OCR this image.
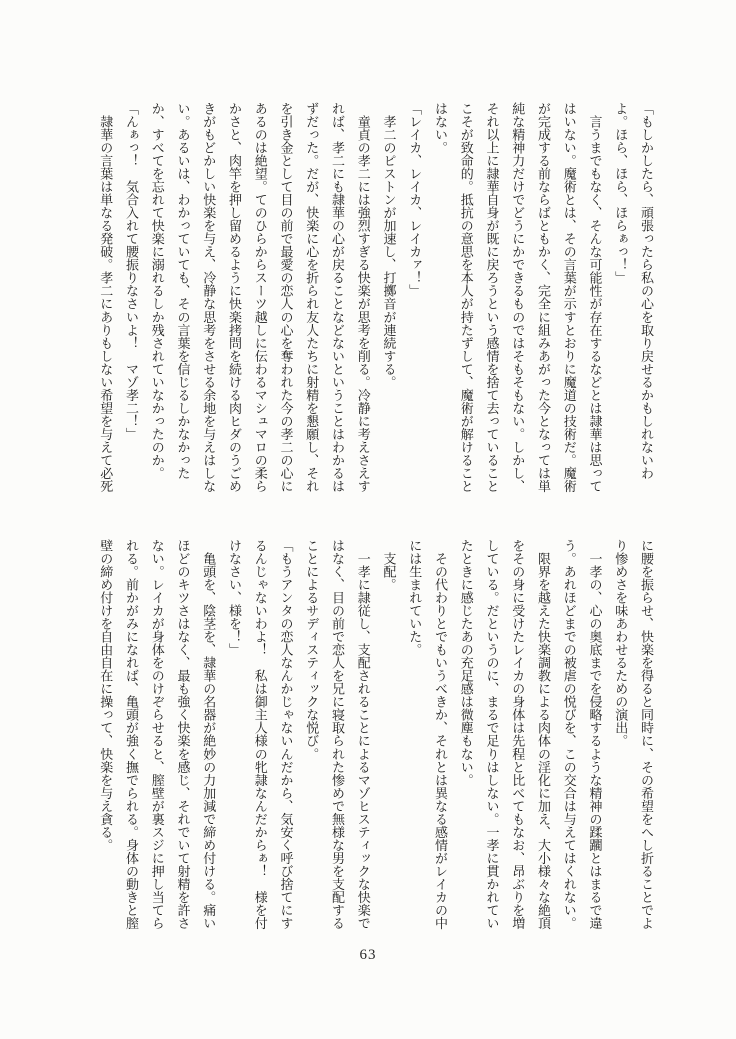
「もしかしたら、頑張ったら私の心を取り戻せるかもしれないわ

よ。ほら、ほら、ほらぁっ！」

　言うまでもなく、そんな可能性が存在するなどとは隷華は思って

はいない。魔術とは、その言葉が示すとおりに魔道の技術だ。魔術

が完成する前ならばともかく、完全に組みあがった今となっては単

純な精神力だけでどうにかできるものではそもそもない。しかし、

それ以上に隷華自身が既に戻ろうという感情を捨て去っていること

こそが致命的。抵抗の意思を本人が持たずして、魔術が解けること

はない。

「レイカ、レイカ、レイカァ！」

　孝二のピストンが加速し、打擲音が連続する。

　童貞の孝二には強烈すぎる快楽が思考を削る。冷静に考えさえす

れば、孝二にも隷華の心が戻ることなどないということはわかるは

ずだった。だが、快楽に心を折られ友人たちに射精を懇願し、それ

を引き金として目の前で最愛の恋人の心を奪われた今の孝二の心に

あるのは絶望。てのひらからスーツ越しに伝わるマシュマロの柔ら

かさと、肉竿を押し留めるように快楽拷問を続ける肉ヒダのうごめ

きがもどかしい快楽を与え、冷静な思考をさせる余地を与えはしな

い。あるいは、わかっていても、その言葉を信じるしかなかった

か、すべてを忘れて快楽に溺れるしか残されていなかったのか。

「んぁっ！　気合入れて腰振りなさいよ！　マゾ孝二！」

　隷華の言葉は単なる発破。孝二にありもしない希望を与えて必死

に腰を振らせ、快楽を得ると同時に、その希望をへし折ることでよ

り惨めさを味あわせるための演出。

　一孝の、心の奥底までを侵略するような精神の蹂躙とはまるで違

う。あれほどまでの被虐の悦びを、この交合は与えてはくれない。

　限界を越えた快楽調教による肉体の淫化に加え、大小様々な絶頂

をその身に受けたレイカの身体は先程と比べてもなお、昂ぶりを増

している。だというのに、まるで足りはしない。一孝に貫かれてい

たときに感じたあの充足感は微塵もない。

　その代わりとでもいうべきか、それとは異なる感情がレイカの中

には生まれていた。

　支配。

　一孝に隷従し、支配されることによるマゾヒスティックな快楽で

はなく、目の前で恋人を兄に寝取られた惨めで無様な男を支配する

ことによるサディスティックな悦び。

「もうアンタの恋人なんかじゃないんだから、気安く呼び捨てにす

るんじゃないわよ！　私は御主人様の牝隷なんだからぁ！　様を付

けなさい、様を！」

　亀頭を、陰茎を、隷華の名器が絶妙の力加減で締め付ける。痛い

ほどのキツさはなく、最も強く快楽を感じ、それでいて射精を許さ

ない。レイカが身体をのけぞらせると、膣壁が裏スジに押し当てら

れる。前かがみになれば、亀頭が強く撫でられる。身体の動きと膣

壁の締め付けを自由自在に操って、快楽を与え貪る。

63
